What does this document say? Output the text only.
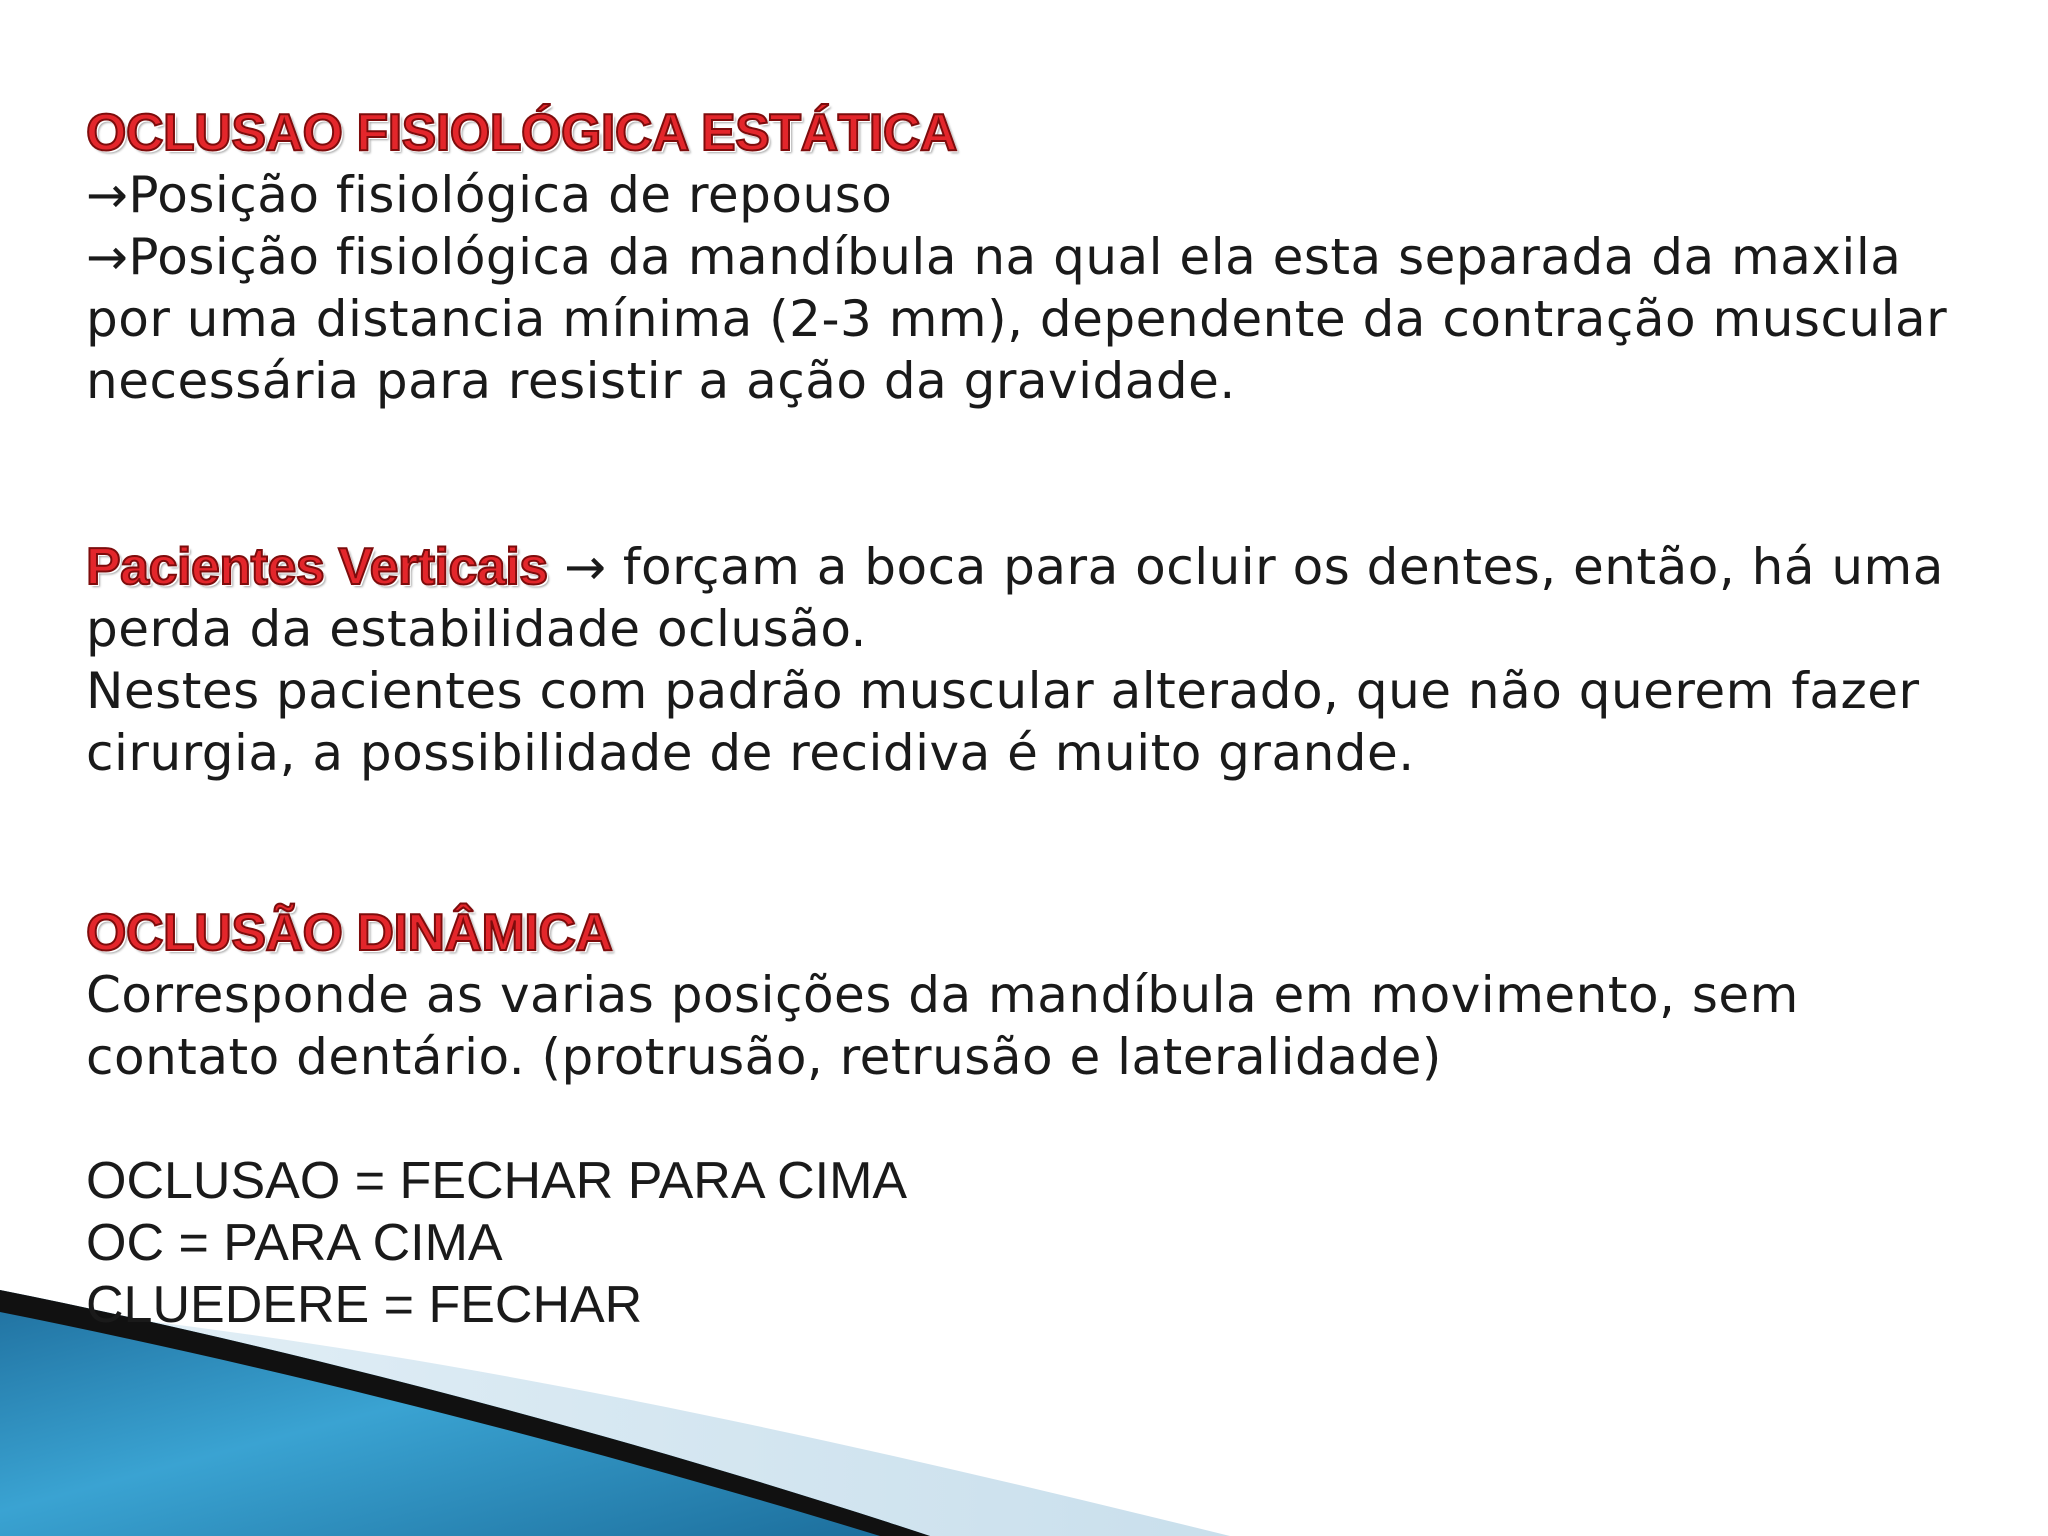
OCLUSAO FISIOLÓGICA ESTÁTICA
→Posição fisiológica de repouso
→Posição fisiológica da mandíbula na qual ela esta separada da maxila
por uma distancia mínima (2-3 mm), dependente da contração muscular
necessária para resistir a ação da gravidade.
Pacientes Verticais → forçam a boca para ocluir os dentes, então, há uma
perda da estabilidade oclusão.
Nestes pacientes com padrão muscular alterado, que não querem fazer
cirurgia, a possibilidade de recidiva é muito grande.
OCLUSÃO DINÂMICA
Corresponde as varias posições da mandíbula em movimento, sem
contato dentário. (protrusão, retrusão e lateralidade)
OCLUSAO = FECHAR PARA CIMA
OC = PARA CIMA
CLUEDERE = FECHAR
